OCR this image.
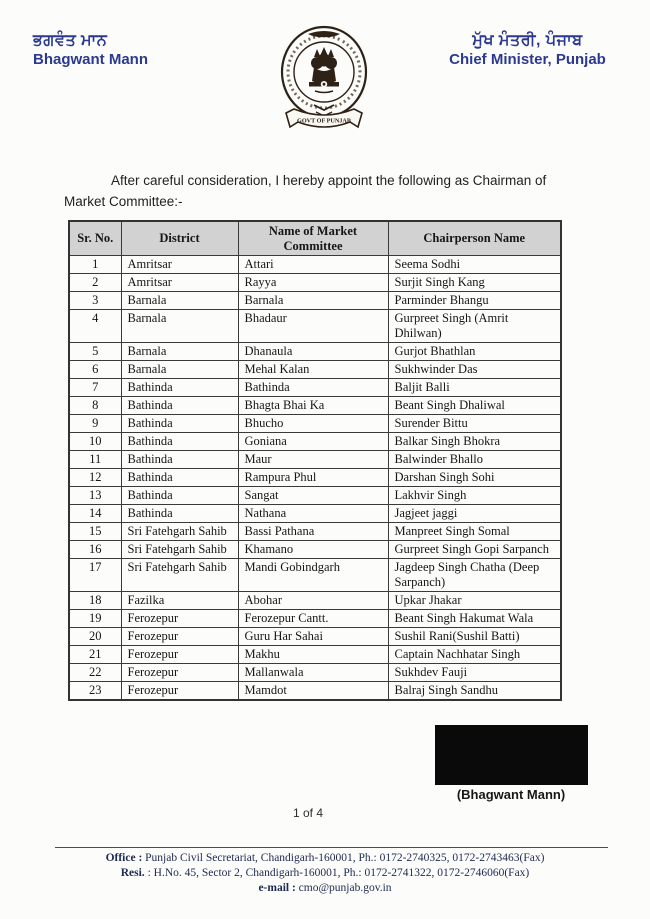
ਭਗਵੰਤ ਮਾਨ
Bhagwant Mann
GOVT OF PUNJAB
ਮੁੱਖ ਮੰਤਰੀ, ਪੰਜਾਬ
Chief Minister, Punjab
After careful consideration, I hereby appoint the following as Chairman of
Market Committee:-
Sr. No.	District	Name of Market Committee	Chairperson Name
1	Amritsar	Attari	Seema Sodhi
2	Amritsar	Rayya	Surjit Singh Kang
3	Barnala	Barnala	Parminder Bhangu
4	Barnala	Bhadaur	Gurpreet Singh (Amrit Dhilwan)
5	Barnala	Dhanaula	Gurjot Bhathlan
6	Barnala	Mehal Kalan	Sukhwinder Das
7	Bathinda	Bathinda	Baljit Balli
8	Bathinda	Bhagta Bhai Ka	Beant Singh Dhaliwal
9	Bathinda	Bhucho	Surender Bittu
10	Bathinda	Goniana	Balkar Singh Bhokra
11	Bathinda	Maur	Balwinder Bhallo
12	Bathinda	Rampura Phul	Darshan Singh Sohi
13	Bathinda	Sangat	Lakhvir Singh
14	Bathinda	Nathana	Jagjeet jaggi
15	Sri Fatehgarh Sahib	Bassi Pathana	Manpreet Singh Somal
16	Sri Fatehgarh Sahib	Khamano	Gurpreet Singh Gopi Sarpanch
17	Sri Fatehgarh Sahib	Mandi Gobindgarh	Jagdeep Singh Chatha (Deep Sarpanch)
18	Fazilka	Abohar	Upkar Jhakar
19	Ferozepur	Ferozepur Cantt.	Beant Singh Hakumat Wala
20	Ferozepur	Guru Har Sahai	Sushil Rani(Sushil Batti)
21	Ferozepur	Makhu	Captain Nachhatar Singh
22	Ferozepur	Mallanwala	Sukhdev Fauji
23	Ferozepur	Mamdot	Balraj Singh Sandhu
(Bhagwant Mann)
1 of 4
Office : Punjab Civil Secretariat, Chandigarh-160001, Ph.: 0172-2740325, 0172-2743463(Fax)
Resi. : H.No. 45, Sector 2, Chandigarh-160001, Ph.: 0172-2741322, 0172-2746060(Fax)
e-mail : cmo@punjab.gov.in
